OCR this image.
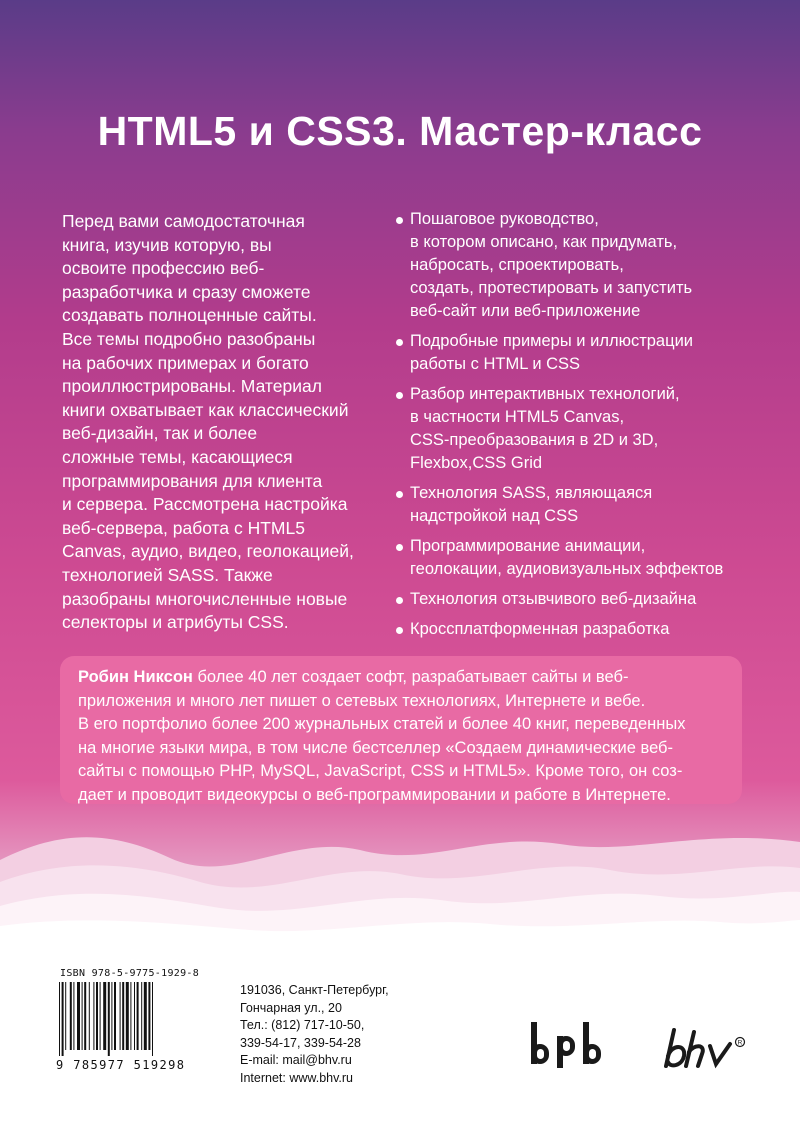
HTML5 и CSS3. Мастер-класс
Перед вами самодостаточная
книга, изучив которую, вы
освоите профессию веб-
разработчика и сразу сможете
создавать полноценные сайты.
Все темы подробно разобраны
на рабочих примерах и богато
проиллюстрированы. Материал
книги охватывает как классический
веб-дизайн, так и более
сложные темы, касающиеся
программирования для клиента
и сервера. Рассмотрена настройка
веб-сервера, работа с HTML5
Canvas, аудио, видео, геолокацией,
технологией SASS. Также
разобраны многочисленные новые
селекторы и атрибуты CSS.
Пошаговое руководство,
в котором описано, как придумать,
набросать, спроектировать,
создать, протестировать и запустить
веб-сайт или веб-приложение
Подробные примеры и иллюстрации
работы с HTML и CSS
Разбор интерактивных технологий,
в частности HTML5 Canvas,
CSS-преобразования в 2D и 3D,
Flexbox,CSS Grid
Технология SASS, являющаяся
надстройкой над CSS
Программирование анимации,
геолокации, аудиовизуальных эффектов
Технология отзывчивого веб-дизайна
Кроссплатформенная разработка
Робин Никсон более 40 лет создает софт, разрабатывает сайты и веб-
приложения и много лет пишет о сетевых технологиях, Интернете и вебе.
В его портфолио более 200 журнальных статей и более 40 книг, переведенных
на многие языки мира, в том числе бестселлер «Создаем динамические веб-
сайты с помощью PHP, MySQL, JavaScript, CSS и HTML5». Кроме того, он соз-
дает и проводит видеокурсы о веб-программировании и работе в Интернете.
ISBN 978-5-9775-1929-8
9 785977 519298
191036, Санкт-Петербург,
Гончарная ул., 20
Тел.: (812) 717-10-50,
339-54-17, 339-54-28
E-mail: mail@bhv.ru
Internet: www.bhv.ru
R
